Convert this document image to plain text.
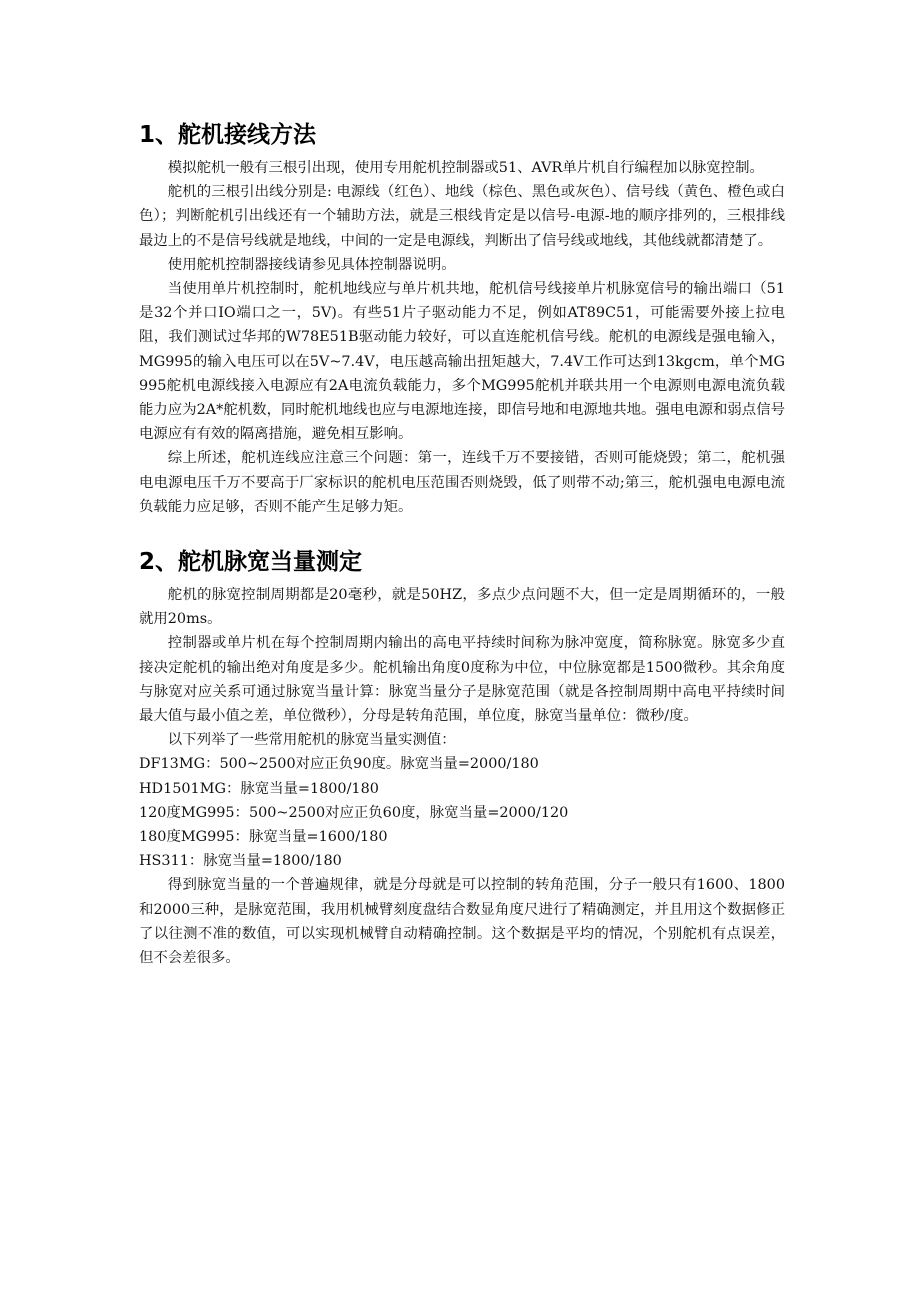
1、舵机接线方法

模拟舵机一般有三根引出现，使用专用舵机控制器或51、AVR单片机自行编程加以脉宽控制。

舵机的三根引出线分别是: 电源线（红色）、地线（棕色、黑色或灰色）、信号线（黄色、橙色或白色）；判断舵机引出线还有一个辅助方法，就是三根线肯定是以信号-电源-地的顺序排列的，三根排线最边上的不是信号线就是地线，中间的一定是电源线，判断出了信号线或地线，其他线就都清楚了。

使用舵机控制器接线请参见具体控制器说明。

当使用单片机控制时，舵机地线应与单片机共地，舵机信号线接单片机脉宽信号的输出端口（51是32个并口IO端口之一，5V)。有些51片子驱动能力不足，例如AT89C51，可能需要外接上拉电阻，我们测试过华邦的W78E51B驱动能力较好，可以直连舵机信号线。舵机的电源线是强电输入，MG995的输入电压可以在5V~7.4V，电压越高输出扭矩越大，7.4V工作可达到13kgcm，单个MG995舵机电源线接入电源应有2A电流负载能力，多个MG995舵机并联共用一个电源则电源电流负载能力应为2A*舵机数，同时舵机地线也应与电源地连接，即信号地和电源地共地。强电电源和弱点信号电源应有有效的隔离措施，避免相互影响。

综上所述，舵机连线应注意三个问题：第一，连线千万不要接错，否则可能烧毁；第二，舵机强电电源电压千万不要高于厂家标识的舵机电压范围否则烧毁，低了则带不动;第三，舵机强电电源电流负载能力应足够，否则不能产生足够力矩。

2、舵机脉宽当量测定

舵机的脉宽控制周期都是20毫秒，就是50HZ，多点少点问题不大，但一定是周期循环的，一般就用20ms。

控制器或单片机在每个控制周期内输出的高电平持续时间称为脉冲宽度，简称脉宽。脉宽多少直接决定舵机的输出绝对角度是多少。舵机输出角度0度称为中位，中位脉宽都是1500微秒。其余角度与脉宽对应关系可通过脉宽当量计算：脉宽当量分子是脉宽范围（就是各控制周期中高电平持续时间最大值与最小值之差，单位微秒），分母是转角范围，单位度，脉宽当量单位：微秒/度。

以下列举了一些常用舵机的脉宽当量实测值：

DF13MG：500~2500对应正负90度。脉宽当量=2000/180

HD1501MG：脉宽当量=1800/180

120度MG995：500~2500对应正负60度，脉宽当量=2000/120

180度MG995：脉宽当量=1600/180

HS311：脉宽当量=1800/180

得到脉宽当量的一个普遍规律，就是分母就是可以控制的转角范围，分子一般只有1600、1800和2000三种，是脉宽范围，我用机械臂刻度盘结合数显角度尺进行了精确测定，并且用这个数据修正了以往测不准的数值，可以实现机械臂自动精确控制。这个数据是平均的情况，个别舵机有点误差，但不会差很多。
